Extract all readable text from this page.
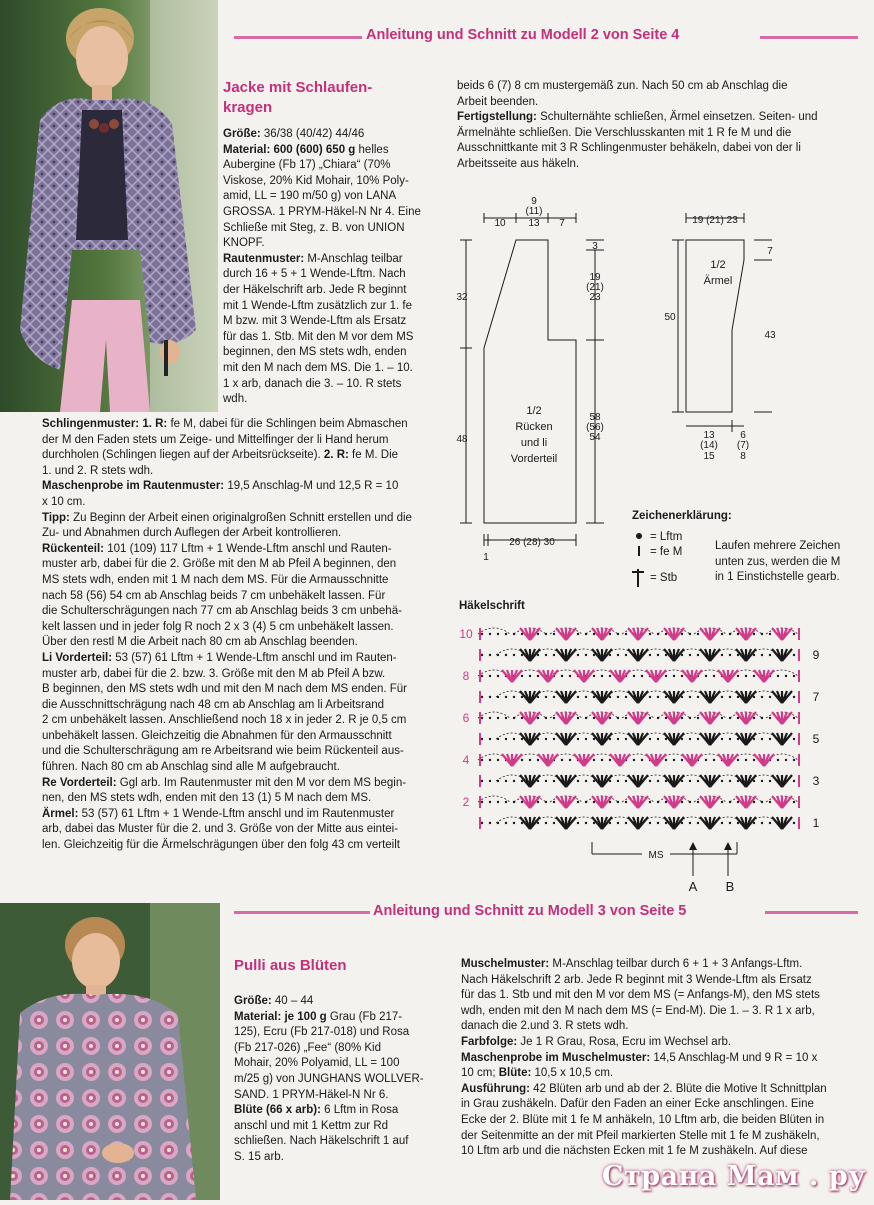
Anleitung und Schnitt zu Modell 2 von Seite 4
Jacke mit Schlaufen-
kragen
Größe: 36/38 (40/42) 44/46
Material: 600 (600) 650 g helles
Aubergine (Fb 17) „Chiara“ (70%
Viskose, 20% Kid Mohair, 10% Poly-
amid, LL = 190 m/50 g) von LANA
GROSSA. 1 PRYM-Häkel-N Nr 4. Eine
Schließe mit Steg, z. B. von UNION
KNOPF.
Rautenmuster: M-Anschlag teilbar
durch 16 + 5 + 1 Wende-Lftm. Nach
der Häkelschrift arb. Jede R beginnt
mit 1 Wende-Lftm zusätzlich zur 1. fe
M bzw. mit 3 Wende-Lftm als Ersatz
für das 1. Stb. Mit den M vor dem MS
beginnen, den MS stets wdh, enden
mit den M nach dem MS. Die 1. – 10.
1 x arb, danach die 3. – 10. R stets
wdh.
Schlingenmuster: 1. R: fe M, dabei für die Schlingen beim Abmaschen
der M den Faden stets um Zeige- und Mittelfinger der li Hand herum
durchholen (Schlingen liegen auf der Arbeitsrückseite). 2. R: fe M. Die
1. und 2. R stets wdh.
Maschenprobe im Rautenmuster: 19,5 Anschlag-M und 12,5 R = 10
x 10 cm.
Tipp: Zu Beginn der Arbeit einen originalgroßen Schnitt erstellen und die
Zu- und Abnahmen durch Auflegen der Arbeit kontrollieren.
Rückenteil: 101 (109) 117 Lftm + 1 Wende-Lftm anschl und Rauten-
muster arb, dabei für die 2. Größe mit den M ab Pfeil A beginnen, den
MS stets wdh, enden mit 1 M nach dem MS. Für die Armausschnitte
nach 58 (56) 54 cm ab Anschlag beids 7 cm unbehäkelt lassen. Für
die Schulterschrägungen nach 77 cm ab Anschlag beids 3 cm unbehä-
kelt lassen und in jeder folg R noch 2 x 3 (4) 5 cm unbehäkelt lassen.
Über den restl M die Arbeit nach 80 cm ab Anschlag beenden.
Li Vorderteil: 53 (57) 61 Lftm + 1 Wende-Lftm anschl und im Rauten-
muster arb, dabei für die 2. bzw. 3. Größe mit den M ab Pfeil A bzw.
B beginnen, den MS stets wdh und mit den M nach dem MS enden. Für
die Ausschnittschrägung nach 48 cm ab Anschlag am li Arbeitsrand
2 cm unbehäkelt lassen. Anschließend noch 18 x in jeder 2. R je 0,5 cm
unbehäkelt lassen. Gleichzeitig die Abnahmen für den Armausschnitt
und die Schulterschrägung am re Arbeitsrand wie beim Rückenteil aus-
führen. Nach 80 cm ab Anschlag sind alle M aufgebraucht.
Re Vorderteil: Ggl arb. Im Rautenmuster mit den M vor dem MS begin-
nen, den MS stets wdh, enden mit den 13 (1) 5 M nach dem MS.
Ärmel: 53 (57) 61 Lftm + 1 Wende-Lftm anschl und im Rautenmuster
arb, dabei das Muster für die 2. und 3. Größe von der Mitte aus eintei-
len. Gleichzeitig für die Ärmelschrägungen über den folg 43 cm verteilt
beids 6 (7) 8 cm mustergemäß zun. Nach 50 cm ab Anschlag die
Arbeit beenden.
Fertigstellung: Schulternähte schließen, Ärmel einsetzen. Seiten- und
Ärmelnähte schließen. Die Verschlusskanten mit 1 R fe M und die
Ausschnittkante mit 3 R Schlingenmuster behäkeln, dabei von der li
Arbeitsseite aus häkeln.
9
(11)
13
10	7
3
19
(21)
23
32
48
58
(56)
54
1/2
Rücken
und li
Vorderteil
1/2
Ärmel
26 (28) 30
1
19 (21) 23
7
50
43
13
(14)
15
6
(7)
8
Zeichenerklärung:
= Lftm
= fe M
= Stb
Laufen mehrere Zeichen
unten zus, werden die M
in 1 Einstichstelle gearb.
Häkelschrift
10
8
6
4
2
9
7
5
3
1
MS
A B
Anleitung und Schnitt zu Modell 3 von Seite 5
Pulli aus Blüten
Größe: 40 – 44
Material: je 100 g Grau (Fb 217-
125), Ecru (Fb 217-018) und Rosa
(Fb 217-026) „Fee“ (80% Kid
Mohair, 20% Polyamid, LL = 100
m/25 g) von JUNGHANS WOLLVER-
SAND. 1 PRYM-Häkel-N Nr 6.
Blüte (66 x arb): 6 Lftm in Rosa
anschl und mit 1 Kettm zur Rd
schließen. Nach Häkelschrift 1 auf
S. 15 arb.
Muschelmuster: M-Anschlag teilbar durch 6 + 1 + 3 Anfangs-Lftm.
Nach Häkelschrift 2 arb. Jede R beginnt mit 3 Wende-Lftm als Ersatz
für das 1. Stb und mit den M vor dem MS (= Anfangs-M), den MS stets
wdh, enden mit den M nach dem MS (= End-M). Die 1. – 3. R 1 x arb,
danach die 2.und 3. R stets wdh.
Farbfolge: Je 1 R Grau, Rosa, Ecru im Wechsel arb.
Maschenprobe im Muschelmuster: 14,5 Anschlag-M und 9 R = 10 x
10 cm; Blüte: 10,5 x 10,5 cm.
Ausführung: 42 Blüten arb und ab der 2. Blüte die Motive lt Schnittplan
in Grau zushäkeln. Dafür den Faden an einer Ecke anschlingen. Eine
Ecke der 2. Blüte mit 1 fe M anhäkeln, 10 Lftm arb, die beiden Blüten in
der Seitenmitte an der mit Pfeil markierten Stelle mit 1 fe M zushäkeln,
10 Lftm arb und die nächsten Ecken mit 1 fe M zushäkeln. Auf diese
Страна Мам . ру
